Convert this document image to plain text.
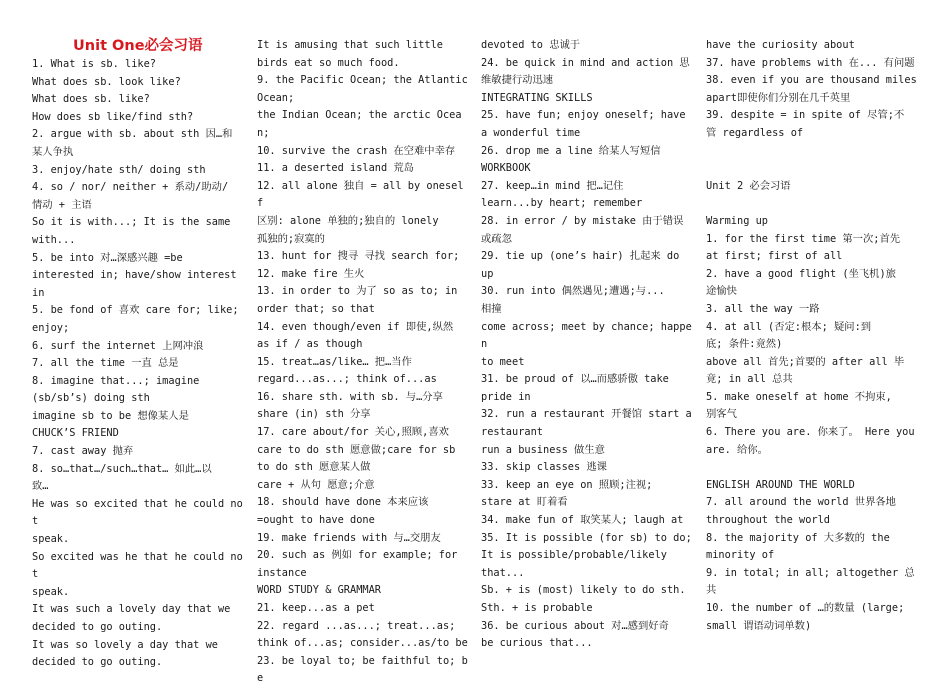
Unit One必会习语
1. What is sb. like?
What does sb. look like?
What does sb. like?
How does sb like/find sth?
2. argue with sb. about sth 因…和
某人争执
3. enjoy/hate sth/ doing sth
4. so / nor/ neither + 系动/助动/
情动 + 主语
So it is with...; It is the same
with...
5. be into 对…深感兴趣 =be
interested in; have/show interest
in
5. be fond of 喜欢 care for; like;
enjoy;
6. surf the internet 上网冲浪
7. all the time 一直 总是
8. imagine that...; imagine
(sb/sb’s) doing sth
imagine sb to be 想像某人是
CHUCK’S FRIEND
7. cast away 抛弃
8. so…that…/such…that… 如此…以
致…
He was so excited that he could not
speak.
So excited was he that he could not
speak.
It was such a lovely day that we
decided to go outing.
It was so lovely a day that we
decided to go outing.
It is amusing that such little
birds eat so much food.
9. the Pacific Ocean; the Atlantic
Ocean;
the Indian Ocean; the arctic Ocean;
10. survive the crash 在空难中幸存
11. a deserted island 荒岛
12. all alone 独自 = all by oneself
区别: alone 单独的;独自的 lonely
孤独的;寂寞的
13. hunt for 搜寻 寻找 search for;
12. make fire 生火
13. in order to 为了 so as to; in
order that; so that
14. even though/even if 即使,纵然
as if / as though
15. treat…as/like… 把…当作
regard...as...; think of...as
16. share sth. with sb. 与…分享
share (in) sth 分享
17. care about/for 关心,照顾,喜欢
care to do sth 愿意做;care for sb
to do sth 愿意某人做
care + 从句 愿意;介意
18. should have done 本来应该
=ought to have done
19. make friends with 与…交朋友
20. such as 例如 for example; for
instance
WORD STUDY & GRAMMAR
21. keep...as a pet
22. regard ...as...; treat...as;
think of...as; consider...as/to be
23. be loyal to; be faithful to; be
devoted to 忠诚于
24. be quick in mind and action 思
维敏捷行动迅速
INTEGRATING SKILLS
25. have fun; enjoy oneself; have
a wonderful time
26. drop me a line 给某人写短信
WORKBOOK
27. keep…in mind 把…记住
learn...by heart; remember
28. in error / by mistake 由于错误
或疏忽
29. tie up (one’s hair) 扎起来 do
up
30. run into 偶然遇见;遭遇;与...
相撞
come across; meet by chance; happen
to meet
31. be proud of 以…而感骄傲 take
pride in
32. run a restaurant 开餐馆 start a
restaurant
run a business 做生意
33. skip classes 逃课
33. keep an eye on 照顾;注视;
stare at 盯着看
34. make fun of 取笑某人; laugh at
35. It is possible (for sb) to do;
It is possible/probable/likely
that...
Sb. + is (most) likely to do sth.
Sth. + is probable
36. be curious about 对…感到好奇
be curious that...
have the curiosity about
37. have problems with 在... 有问题
38. even if you are thousand miles
apart即使你们分别在几千英里
39. despite = in spite of 尽管;不
管 regardless of
Unit 2 必会习语
Warming up
1. for the first time 第一次;首先
at first; first of all
2. have a good flight (坐飞机)旅
途愉快
3. all the way 一路
4. at all (否定:根本; 疑问:到
底; 条件:竟然)
above all 首先;首要的 after all 毕
竟; in all 总共
5. make oneself at home 不拘束,
别客气
6. There you are. 你来了。 Here you
are. 给你。
ENGLISH AROUND THE WORLD
7. all around the world 世界各地
throughout the world
8. the majority of 大多数的 the
minority of
9. in total; in all; altogether 总
共
10. the number of …的数量 (large;
small 谓语动词单数)
